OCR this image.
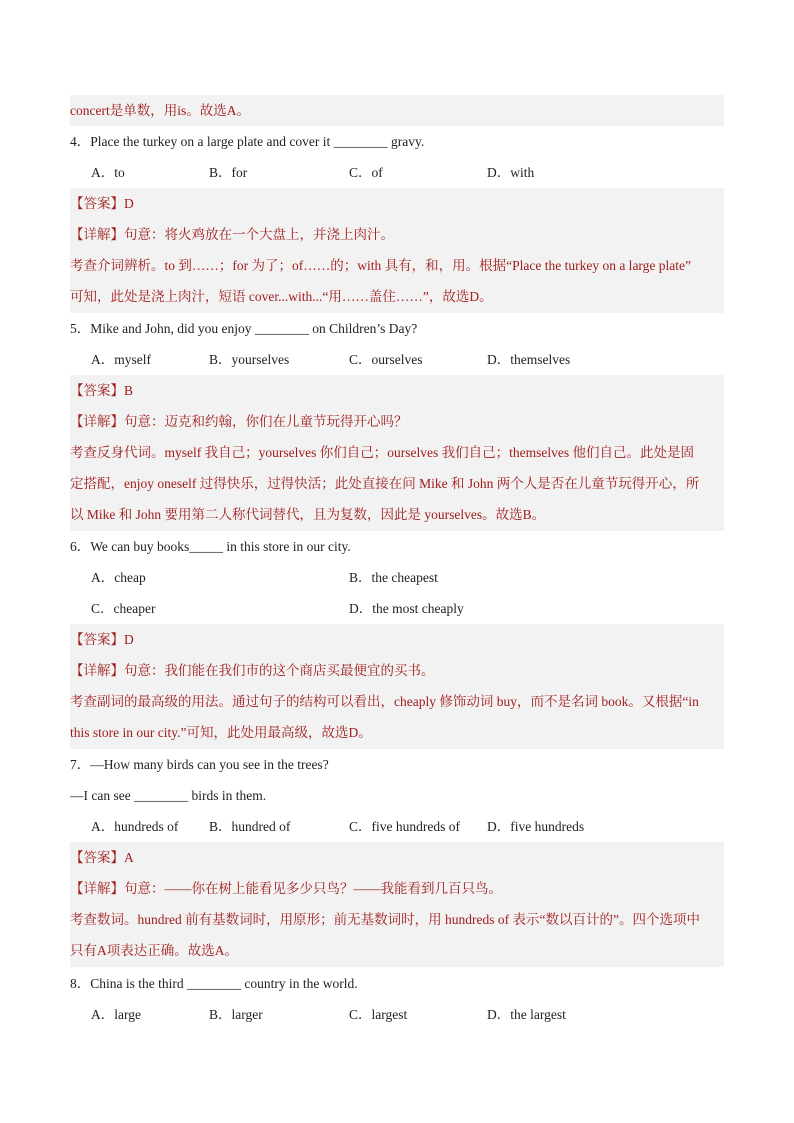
concert是单数，用is。故选A。
4．Place the turkey on a large plate and cover it ________ gravy.
A．to	B．for	C．of	D．with
【答案】D
【详解】句意：将火鸡放在一个大盘上，并浇上肉汁。
考查介词辨析。to 到……；for 为了；of……的；with 具有，和，用。根据“Place the turkey on a large plate”
可知，此处是浇上肉汁，短语 cover...with...“用……盖住……”，故选D。
5．Mike and John, did you enjoy ________ on Children’s Day?
A．myself	B．yourselves	C．ourselves	D．themselves
【答案】B
【详解】句意：迈克和约翰，你们在儿童节玩得开心吗？
考查反身代词。myself 我自己；yourselves 你们自己；ourselves 我们自己；themselves 他们自己。此处是固
定搭配，enjoy oneself 过得快乐，过得快活；此处直接在问 Mike 和 John 两个人是否在儿童节玩得开心，所
以 Mike 和 John 要用第二人称代词替代，且为复数，因此是 yourselves。故选B。
6．We can buy books_____ in this store in our city.
A．cheap	B．the cheapest
C．cheaper	D．the most cheaply
【答案】D
【详解】句意：我们能在我们市的这个商店买最便宜的买书。
考查副词的最高级的用法。通过句子的结构可以看出，cheaply 修饰动词 buy，而不是名词 book。又根据“in
this store in our city.”可知，此处用最高级，故选D。
7．—How many birds can you see in the trees?
—I can see ________ birds in them.
A．hundreds of B．hundred of	C．five hundreds of D．five hundreds
【答案】A
【详解】句意：——你在树上能看见多少只鸟？——我能看到几百只鸟。
考查数词。hundred 前有基数词时，用原形；前无基数词时，用 hundreds of 表示“数以百计的”。四个选项中
只有A项表达正确。故选A。
8．China is the third ________ country in the world.
A．large	B．larger	C．largest	D．the largest
